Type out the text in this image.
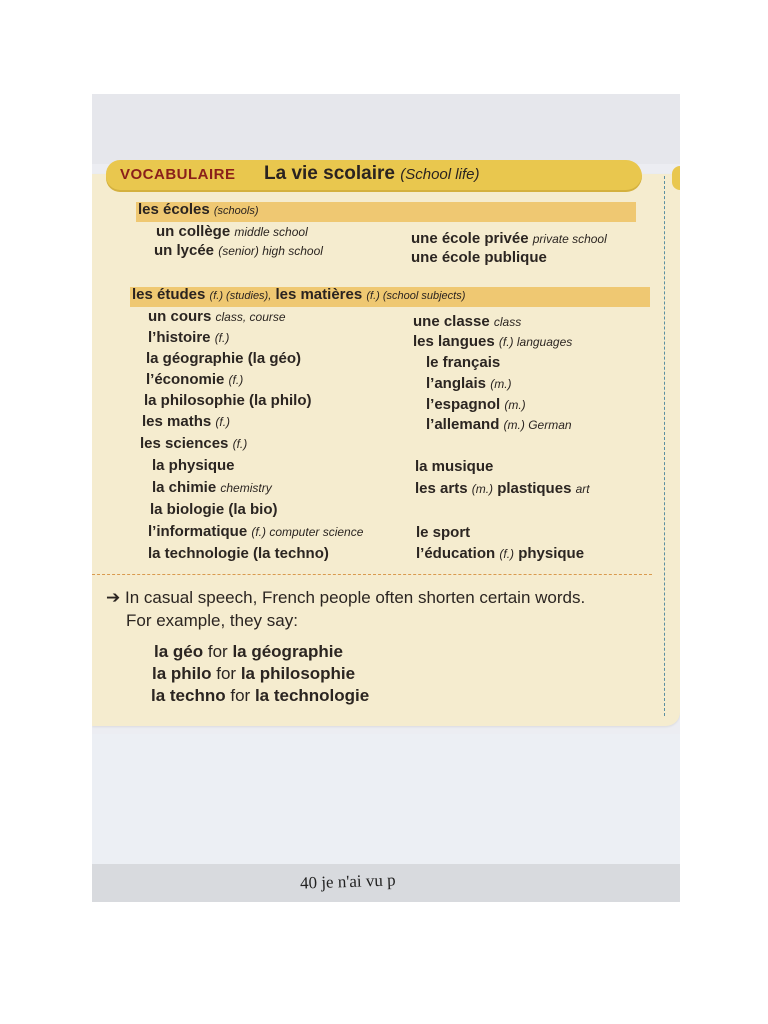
VOCABULAIRE La vie scolaire (School life)
les écoles (schools)
un collège middle school
un lycée (senior) high school
une école privée private school
une école publique
les études (f.) (studies), les matières (f.) (school subjects)
un cours class, course
l’histoire (f.)
la géographie (la géo)
l’économie (f.)
la philosophie (la philo)
les maths (f.)
les sciences (f.)
la physique
la chimie chemistry
la biologie (la bio)
l’informatique (f.) computer science
la technologie (la techno)
une classe class
les langues (f.) languages
le français
l’anglais (m.)
l’espagnol (m.)
l’allemand (m.) German
la musique
les arts (m.) plastiques art
le sport
l’éducation (f.) physique
➔ In casual speech, French people often shorten certain words.
For example, they say:
la géo for la géographie
la philo for la philosophie
la techno for la technologie
40 je n'ai vu p
